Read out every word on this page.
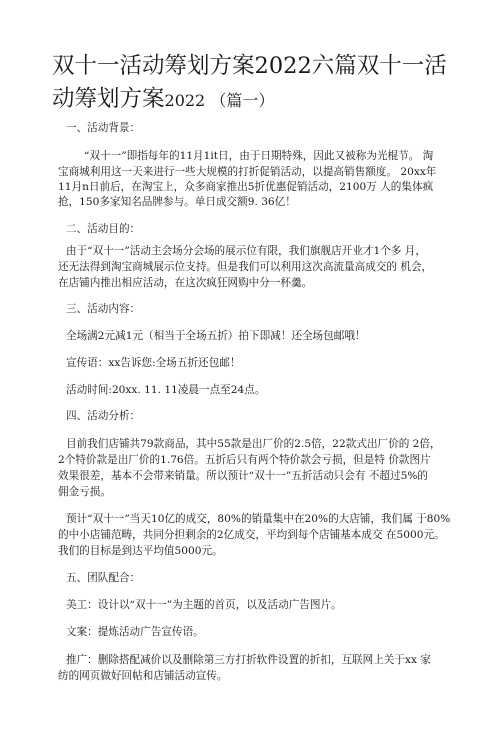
双十一活动筹划方案2022六篇双十一活
动筹划方案2022 （篇一）
一、活动背景：
“双十一”即指每年的11月1it日，由于日期特殊，因此又被称为光棍节。 淘
宝商城利用这一天来进行一些大规模的打折促销活动，以提高销售额度。 20xx年
11月n日前后，在淘宝上，众多商家推出5折优惠促销活动，2100万 人的集体疯
抢，150多家知名品牌参与。单日成交额9. 36亿！
二、活动目的：
由于“双十一”活动主会场分会场的展示位有限，我们旗舰店开业才1个多 月，
还无法得到淘宝商城展示位支持。但是我们可以利用这次高流量高成交的 机会，
在店铺内推出相应活动，在这次疯狂网购中分一杯羹。
三、活动内容：
全场满2元减1元（相当于全场五折）拍下即减！还全场包邮哦！
宣传语：xx告诉您:全场五折还包邮！
活动时间:20xx. 11. 11凌晨一点至24点。
四、活动分析：
目前我们店铺共79款商品，其中55款是出厂价的2.5倍，22款式出厂价的 2倍，
2个特价款是出厂价的1.76倍。五折后只有两个特价款会亏损，但是特 价款图片
效果很差，基本不会带来销量。所以预计“双十一”五折活动只会有 不超过5%的
佣金亏损。
预计“双十一”当天10亿的成交，80%的销量集中在20%的大店铺，我们属 于80%
的中小店铺范畴，共同分担剩余的2亿成交，平均到每个店铺基本成交 在5000元。
我们的目标是到达平均值5000元。
五、团队配合：
美工：设计以“双十一”为主题的首页，以及活动广告图片。
文案：提炼活动广告宣传语。
推广：删除搭配减价以及删除第三方打折软件设置的折扣，互联网上关于xx 家
纺的网页做好回帖和店铺活动宣传。
